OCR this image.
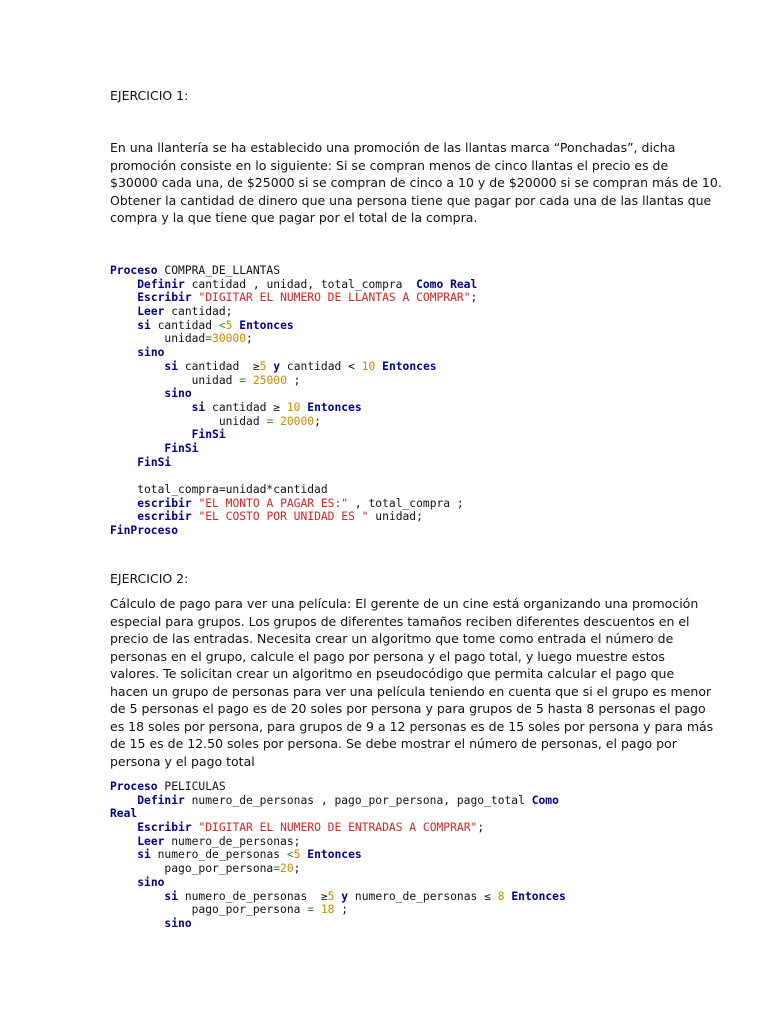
EJERCICIO 1:

En una llantería se ha establecido una promoción de las llantas marca “Ponchadas”, dicha
promoción consiste en lo siguiente: Si se compran menos de cinco llantas el precio es de
$30000 cada una, de $25000 si se compran de cinco a 10 y de $20000 si se compran más de 10.
Obtener la cantidad de dinero que una persona tiene que pagar por cada una de las llantas que
compra y la que tiene que pagar por el total de la compra.
Proceso COMPRA_DE_LLANTAS
Definir cantidad , unidad, total_compra  Como Real
Escribir "DIGITAR EL NUMERO DE LLANTAS A COMPRAR";
Leer cantidad;
si cantidad <5 Entonces
unidad=30000;
sino
si cantidad  ≥5 y cantidad < 10 Entonces
unidad = 25000 ;
sino
si cantidad ≥ 10 Entonces
unidad = 20000;
FinSi
FinSi
FinSi
total_compra=unidad*cantidad
escribir "EL MONTO A PAGAR ES:" , total_compra ;
escribir "EL COSTO POR UNIDAD ES " unidad;
FinProceso

EJERCICIO 2:

Cálculo de pago para ver una película: El gerente de un cine está organizando una promoción
especial para grupos. Los grupos de diferentes tamaños reciben diferentes descuentos en el
precio de las entradas. Necesita crear un algoritmo que tome como entrada el número de
personas en el grupo, calcule el pago por persona y el pago total, y luego muestre estos
valores. Te solicitan crear un algoritmo en pseudocódigo que permita calcular el pago que
hacen un grupo de personas para ver una película teniendo en cuenta que si el grupo es menor
de 5 personas el pago es de 20 soles por persona y para grupos de 5 hasta 8 personas el pago
es 18 soles por persona, para grupos de 9 a 12 personas es de 15 soles por persona y para más
de 15 es de 12.50 soles por persona. Se debe mostrar el número de personas, el pago por
persona y el pago total
Proceso PELICULAS
Definir numero_de_personas , pago_por_persona, pago_total Como
Real
Escribir "DIGITAR EL NUMERO DE ENTRADAS A COMPRAR";
Leer numero_de_personas;
si numero_de_personas <5 Entonces
pago_por_persona=20;
sino
si numero_de_personas  ≥5 y numero_de_personas ≤ 8 Entonces
pago_por_persona = 18 ;
sino
